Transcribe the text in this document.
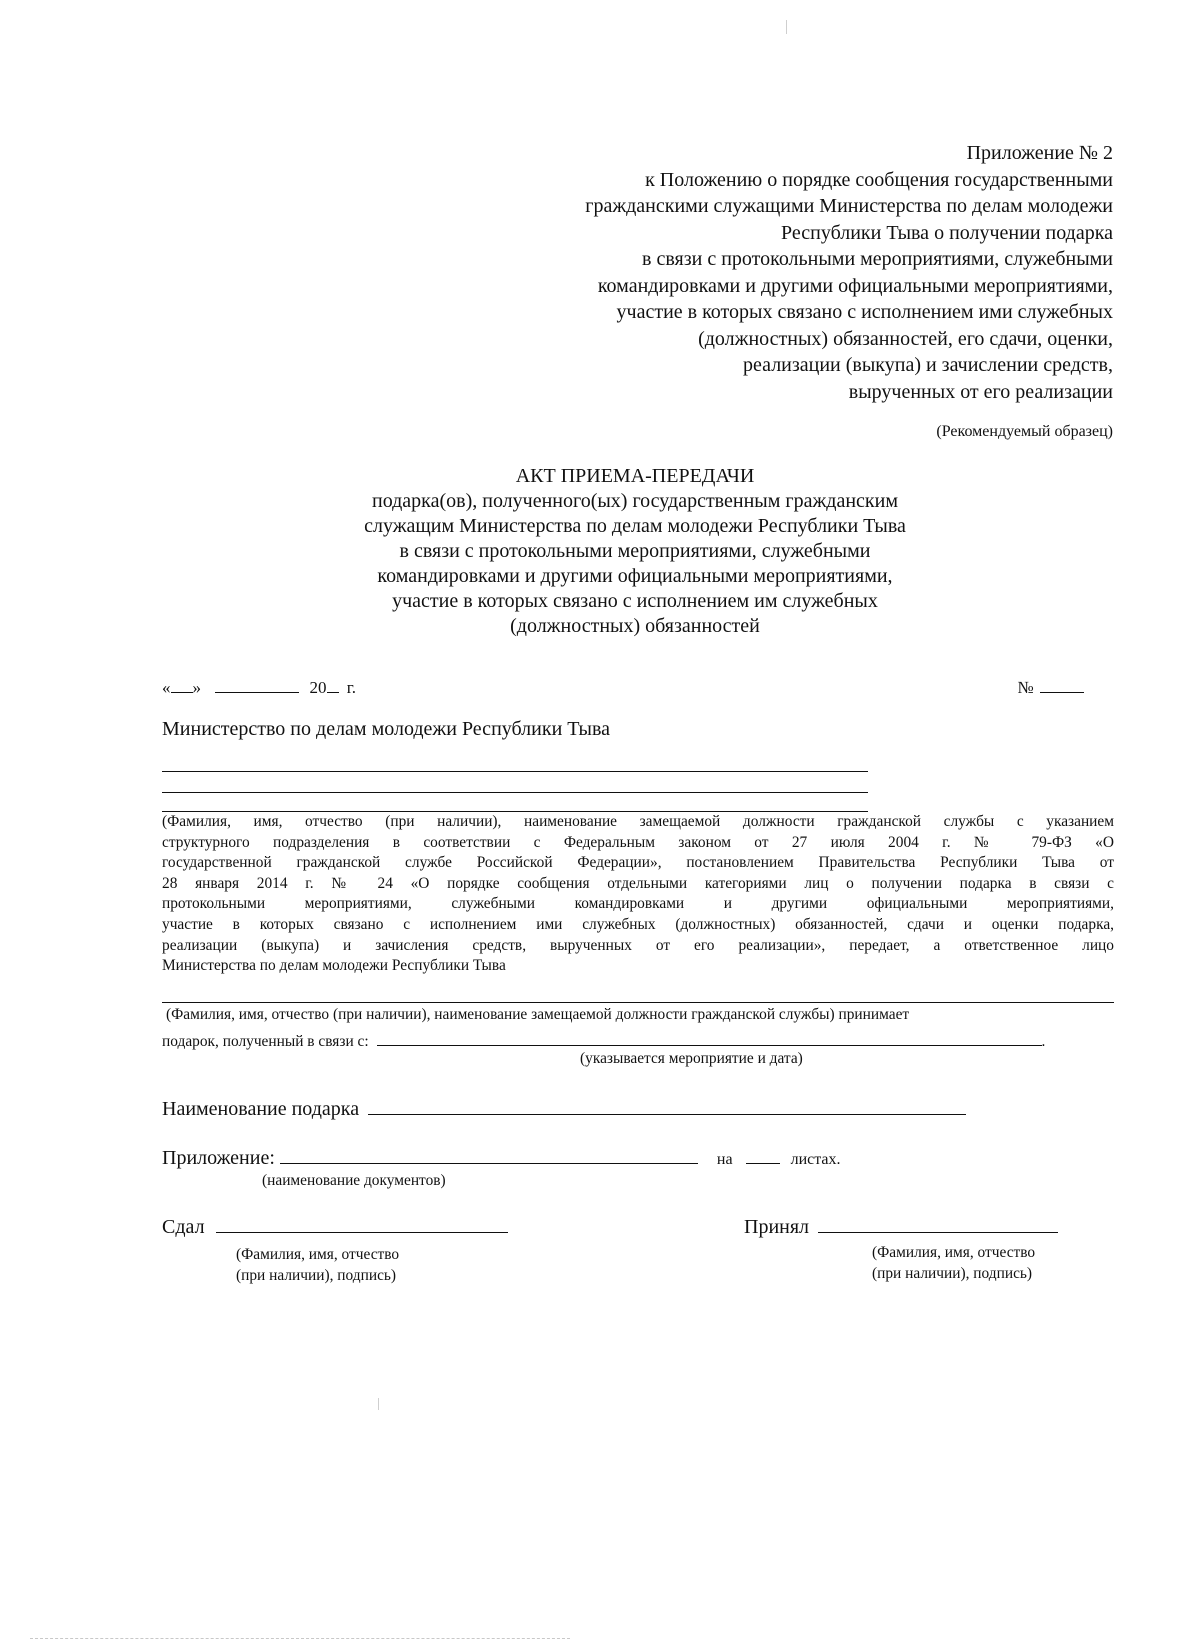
Приложение № 2
к Положению о порядке сообщения государственными
гражданскими служащими Министерства по делам молодежи
Республики Тыва о получении подарка
в связи с протокольными мероприятиями, служебными
командировками и другими официальными мероприятиями,
участие в которых связано с исполнением ими служебных
(должностных) обязанностей, его сдачи, оценки,
реализации (выкупа) и зачислении средств,
вырученных от его реализации
(Рекомендуемый образец)
АКТ ПРИЕМА-ПЕРЕДАЧИ
подарка(ов), полученного(ых) государственным гражданским
служащим Министерства по делам молодежи Республики Тыва
в связи с протокольными мероприятиями, служебными
командировками и другими официальными мероприятиями,
участие в которых связано с исполнением им служебных
(должностных) обязанностей
« »	20 г.	№
Министерство по делам молодежи Республики Тыва
(Фамилия, имя, отчество (при наличии), наименование замещаемой должности гражданской службы с указанием
структурного подразделения в соответствии с Федеральным законом от 27 июля 2004 г. № 79-ФЗ «О
государственной гражданской службе Российской Федерации», постановлением Правительства Республики Тыва от
28 января 2014 г. № 24 «О порядке сообщения отдельными категориями лиц о получении подарка в связи с
протокольными мероприятиями, служебными командировками и другими официальными мероприятиями,
участие в которых связано с исполнением ими служебных (должностных) обязанностей, сдачи и оценки подарка,
реализации (выкупа) и зачисления средств, вырученных от его реализации», передает, а ответственное лицо
Министерства по делам молодежи Республики Тыва
(Фамилия, имя, отчество (при наличии), наименование замещаемой должности гражданской службы) принимает
подарок, полученный в связи с:	.
(указывается мероприятие и дата)
Наименование подарка
Приложение:	на	листах.
(наименование документов)
Сдал
(Фамилия, имя, отчество
(при наличии), подпись)
Принял
(Фамилия, имя, отчество
(при наличии), подпись)
